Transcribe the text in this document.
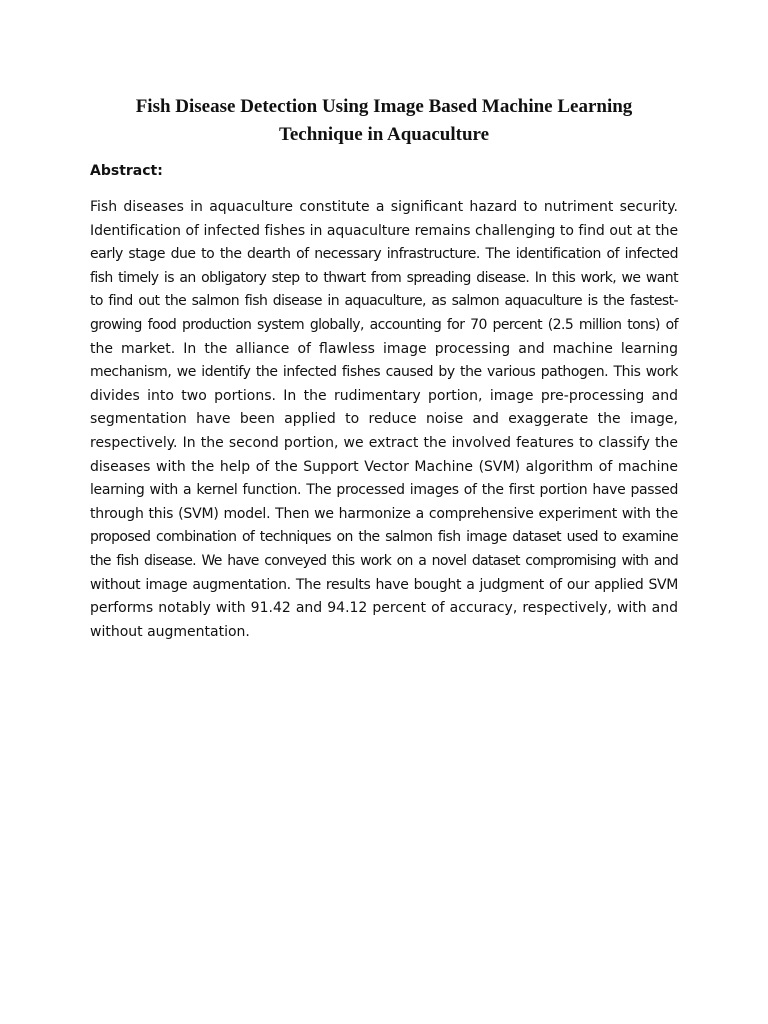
Fish Disease Detection Using Image Based Machine Learning
Technique in Aquaculture

Abstract:

Fish diseases in aquaculture constitute a significant hazard to nutriment security.
Identification of infected fishes in aquaculture remains challenging to find out at the
early stage due to the dearth of necessary infrastructure. The identification of infected
fish timely is an obligatory step to thwart from spreading disease. In this work, we want
to find out the salmon fish disease in aquaculture, as salmon aquaculture is the fastest-
growing food production system globally, accounting for 70 percent (2.5 million tons) of
the market. In the alliance of flawless image processing and machine learning
mechanism, we identify the infected fishes caused by the various pathogen. This work
divides into two portions. In the rudimentary portion, image pre-processing and
segmentation have been applied to reduce noise and exaggerate the image,
respectively. In the second portion, we extract the involved features to classify the
diseases with the help of the Support Vector Machine (SVM) algorithm of machine
learning with a kernel function. The processed images of the first portion have passed
through this (SVM) model. Then we harmonize a comprehensive experiment with the
proposed combination of techniques on the salmon fish image dataset used to examine
the fish disease. We have conveyed this work on a novel dataset compromising with and
without image augmentation. The results have bought a judgment of our applied SVM
performs notably with 91.42 and 94.12 percent of accuracy, respectively, with and
without augmentation.
